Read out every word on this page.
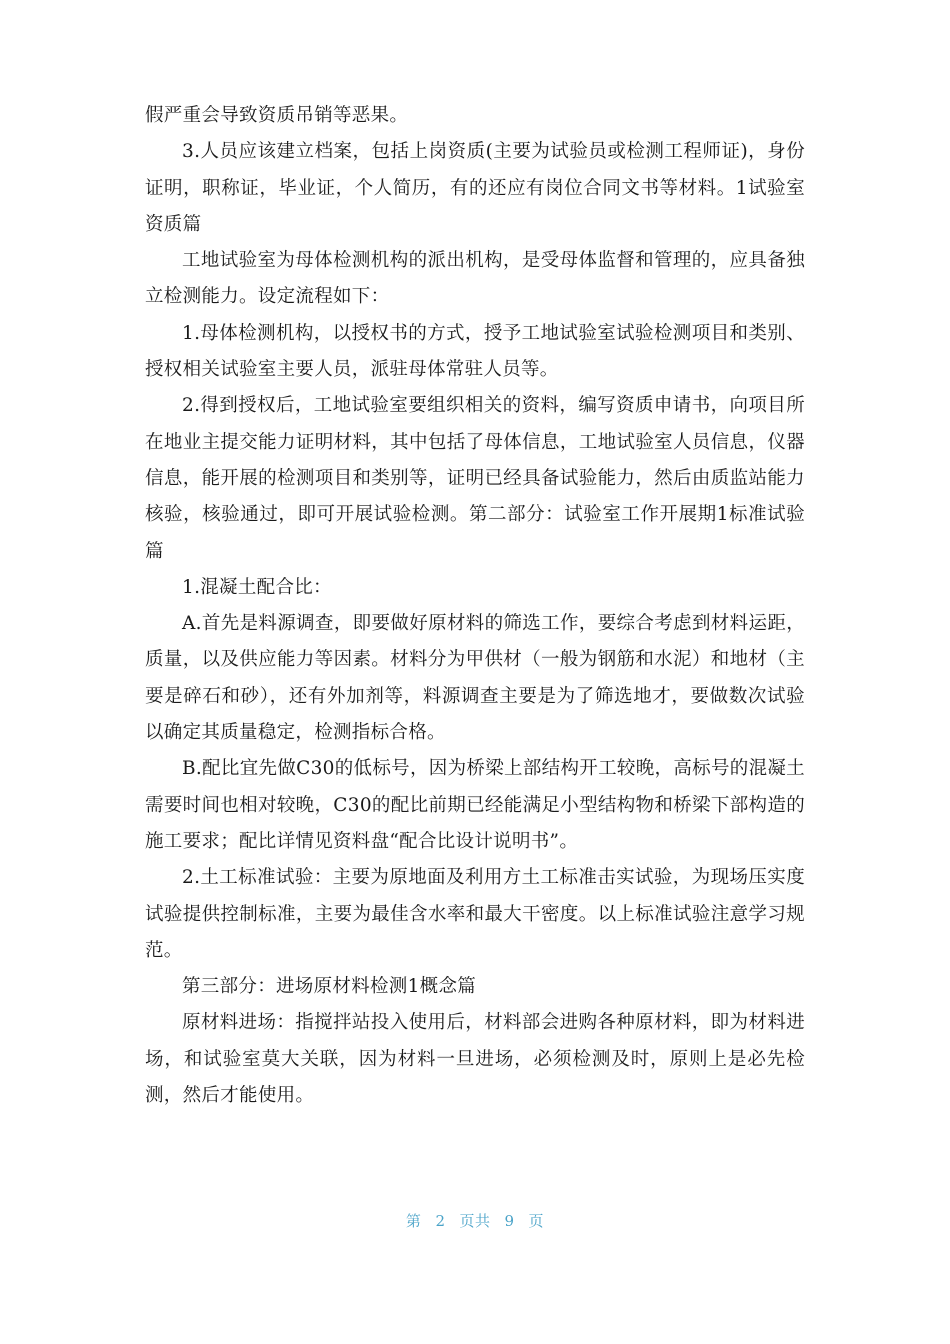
假严重会导致资质吊销等恶果。

3.人员应该建立档案，包括上岗资质(主要为试验员或检测工程师证)，身份证明，职称证，毕业证，个人简历，有的还应有岗位合同文书等材料。1试验室资质篇

工地试验室为母体检测机构的派出机构，是受母体监督和管理的，应具备独立检测能力。设定流程如下：

1.母体检测机构，以授权书的方式，授予工地试验室试验检测项目和类别、授权相关试验室主要人员，派驻母体常驻人员等。

2.得到授权后，工地试验室要组织相关的资料，编写资质申请书，向项目所在地业主提交能力证明材料，其中包括了母体信息，工地试验室人员信息，仪器信息，能开展的检测项目和类别等，证明已经具备试验能力，然后由质监站能力核验，核验通过，即可开展试验检测。第二部分：试验室工作开展期1标准试验篇

1.混凝土配合比：

A.首先是料源调查，即要做好原材料的筛选工作，要综合考虑到材料运距，质量，以及供应能力等因素。材料分为甲供材（一般为钢筋和水泥）和地材（主要是碎石和砂），还有外加剂等，料源调查主要是为了筛选地才，要做数次试验以确定其质量稳定，检测指标合格。

B.配比宜先做C30的低标号，因为桥梁上部结构开工较晚，高标号的混凝土需要时间也相对较晚，C30的配比前期已经能满足小型结构物和桥梁下部构造的施工要求；配比详情见资料盘“配合比设计说明书”。

2.土工标准试验：主要为原地面及利用方土工标准击实试验，为现场压实度试验提供控制标准，主要为最佳含水率和最大干密度。以上标准试验注意学习规范。

第三部分：进场原材料检测1概念篇

原材料进场：指搅拌站投入使用后，材料部会进购各种原材料，即为材料进场，和试验室莫大关联，因为材料一旦进场，必须检测及时，原则上是必先检测，然后才能使用。

第 2 页共 9 页
